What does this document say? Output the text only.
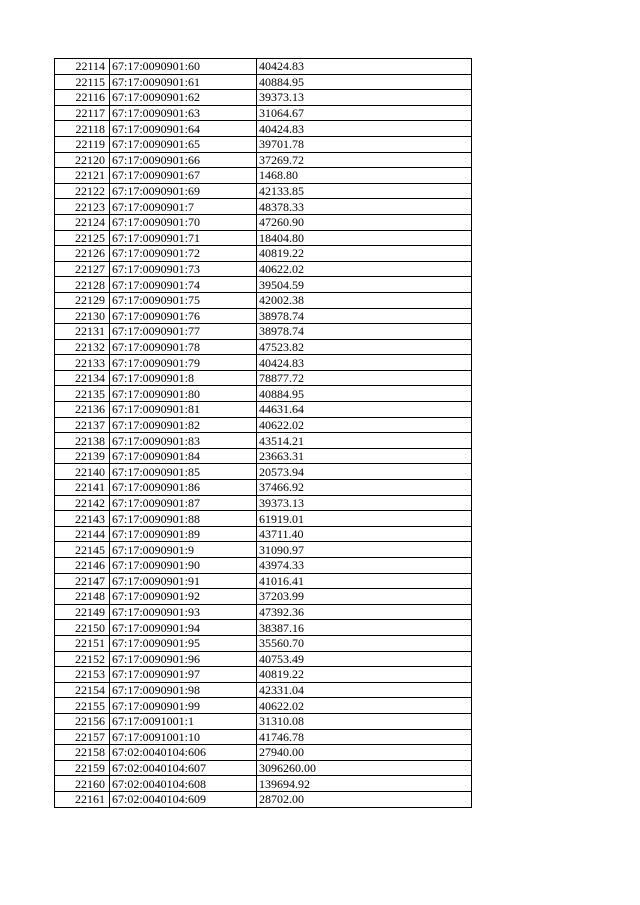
22114	67:17:0090901:60	40424.83
22115	67:17:0090901:61	40884.95
22116	67:17:0090901:62	39373.13
22117	67:17:0090901:63	31064.67
22118	67:17:0090901:64	40424.83
22119	67:17:0090901:65	39701.78
22120	67:17:0090901:66	37269.72
22121	67:17:0090901:67	1468.80
22122	67:17:0090901:69	42133.85
22123	67:17:0090901:7	48378.33
22124	67:17:0090901:70	47260.90
22125	67:17:0090901:71	18404.80
22126	67:17:0090901:72	40819.22
22127	67:17:0090901:73	40622.02
22128	67:17:0090901:74	39504.59
22129	67:17:0090901:75	42002.38
22130	67:17:0090901:76	38978.74
22131	67:17:0090901:77	38978.74
22132	67:17:0090901:78	47523.82
22133	67:17:0090901:79	40424.83
22134	67:17:0090901:8	78877.72
22135	67:17:0090901:80	40884.95
22136	67:17:0090901:81	44631.64
22137	67:17:0090901:82	40622.02
22138	67:17:0090901:83	43514.21
22139	67:17:0090901:84	23663.31
22140	67:17:0090901:85	20573.94
22141	67:17:0090901:86	37466.92
22142	67:17:0090901:87	39373.13
22143	67:17:0090901:88	61919.01
22144	67:17:0090901:89	43711.40
22145	67:17:0090901:9	31090.97
22146	67:17:0090901:90	43974.33
22147	67:17:0090901:91	41016.41
22148	67:17:0090901:92	37203.99
22149	67:17:0090901:93	47392.36
22150	67:17:0090901:94	38387.16
22151	67:17:0090901:95	35560.70
22152	67:17:0090901:96	40753.49
22153	67:17:0090901:97	40819.22
22154	67:17:0090901:98	42331.04
22155	67:17:0090901:99	40622.02
22156	67:17:0091001:1	31310.08
22157	67:17:0091001:10	41746.78
22158	67:02:0040104:606	27940.00
22159	67:02:0040104:607	3096260.00
22160	67:02:0040104:608	139694.92
22161	67:02:0040104:609	28702.00
